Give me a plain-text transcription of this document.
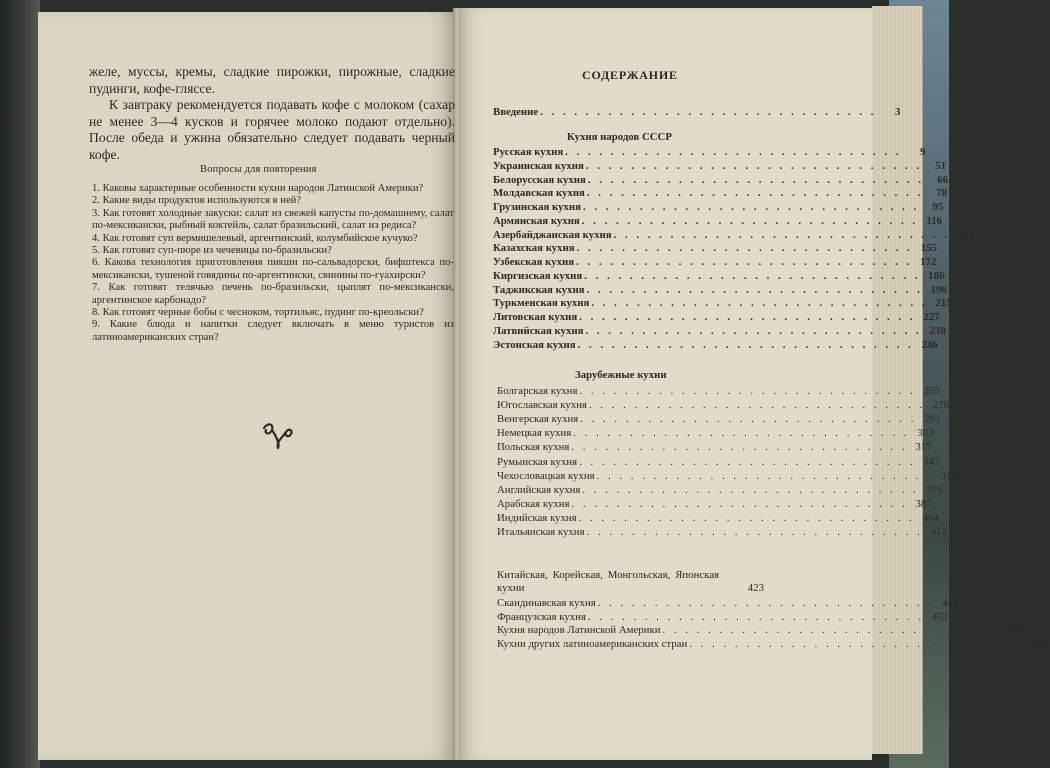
желе, муссы, кремы, сладкие пирожки, пирожные, сладкие пудинги, кофе-гляссе.

К завтраку рекомендуется подавать кофе с молоком (сахар не менее 3—4 кусков и горячее молоко подают отдельно). После обеда и ужина обязательно следует подавать черный кофе.

Вопросы для повторения
1. Каковы характерные особенности кухни народов Латинской Америки?
2. Какие виды продуктов используются в ней?
3. Как готовят холодные закуски: салат из свежей капусты по-домашнему, салат по-мексикански, рыбный коктейль, салат бразильский, салат из редиса?
4. Как готовят суп вермишелевый, аргентинский, колумбийское кучуко?
5. Как готовят суп-пюре из чечевицы по-бразильски?
6. Какова технология приготовления пикши по-сальвадорски, бифштекса по-мексикански, тушеной говядины по-аргентински, свинины по-гуахирски?
7. Как готовят телячью печень по-бразильски, цыплят по-мексикански, аргентинское карбонадо?
8. Как готовят черные бобы с чесноком, тортильяс, пудинг по-креольски?
9. Какие блюда и напитки следует включать в меню туристов из латиноамериканских стран?
СОДЕРЖАНИЕ
Введение . . . . . . . . . . . . . . . . . . . . . . . . . . . . . .	3
Кухня народов СССР
Русская кухня . . . . . . . . . . . . . . . . . . . . . . . . . . . . . .	9
Украинская кухня . . . . . . . . . . . . . . . . . . . . . . . . . . . . . .	51
Белорусская кухня . . . . . . . . . . . . . . . . . . . . . . . . . . . . . .	66
Молдавская кухня . . . . . . . . . . . . . . . . . . . . . . . . . . . . . .	78
Грузинская кухня . . . . . . . . . . . . . . . . . . . . . . . . . . . . . .	95
Армянская кухня . . . . . . . . . . . . . . . . . . . . . . . . . . . . . . 116
Азербайджанская кухня . . . . . . . . . . . . . . . . . . . . . . . . . . . . . . 137
Казахская кухня . . . . . . . . . . . . . . . . . . . . . . . . . . . . . . 155
Узбекская кухня . . . . . . . . . . . . . . . . . . . . . . . . . . . . . . 172
Киргизская кухня . . . . . . . . . . . . . . . . . . . . . . . . . . . . . . 186
Таджикская кухня . . . . . . . . . . . . . . . . . . . . . . . . . . . . . . 196
Туркменская кухня . . . . . . . . . . . . . . . . . . . . . . . . . . . . . . 215
Литовская кухня . . . . . . . . . . . . . . . . . . . . . . . . . . . . . . 227
Латвийская кухня . . . . . . . . . . . . . . . . . . . . . . . . . . . . . . 238
Эстонская кухня . . . . . . . . . . . . . . . . . . . . . . . . . . . . . . 246
Зарубежные кухни
Болгарская кухня . . . . . . . . . . . . . . . . . . . . . . . . . . . . . . 255
Югославская кухня . . . . . . . . . . . . . . . . . . . . . . . . . . . . . . 276
Венгерская кухня . . . . . . . . . . . . . . . . . . . . . . . . . . . . . . 281
Немецкая кухня . . . . . . . . . . . . . . . . . . . . . . . . . . . . . . 303
Польская кухня . . . . . . . . . . . . . . . . . . . . . . . . . . . . . . 317
Румынская кухня . . . . . . . . . . . . . . . . . . . . . . . . . . . . . . 343
Чехословацкая кухня . . . . . . . . . . . . . . . . . . . . . . . . . . . . . . 356
Английская кухня . . . . . . . . . . . . . . . . . . . . . . . . . . . . . . 375
Арабская кухня . . . . . . . . . . . . . . . . . . . . . . . . . . . . . . 387
Индийская кухня . . . . . . . . . . . . . . . . . . . . . . . . . . . . . . 404
Итальянская кухня . . . . . . . . . . . . . . . . . . . . . . . . . . . . . . 412
Китайская, Корейская, Монгольская, Японская кухни	423
Скандинавская кухня . . . . . . . . . . . . . . . . . . . . . . . . . . . . . . 443
Французская кухня . . . . . . . . . . . . . . . . . . . . . . . . . . . . . . 452
Кухня народов Латинской Америки . . . . . . . . . . . . . . . . . . . . . . . . . . . . . . 467
Кухни других латиноамериканских стран . . . . . . . . . . . . . . . . . . . . . . . . . . . . . . 471
